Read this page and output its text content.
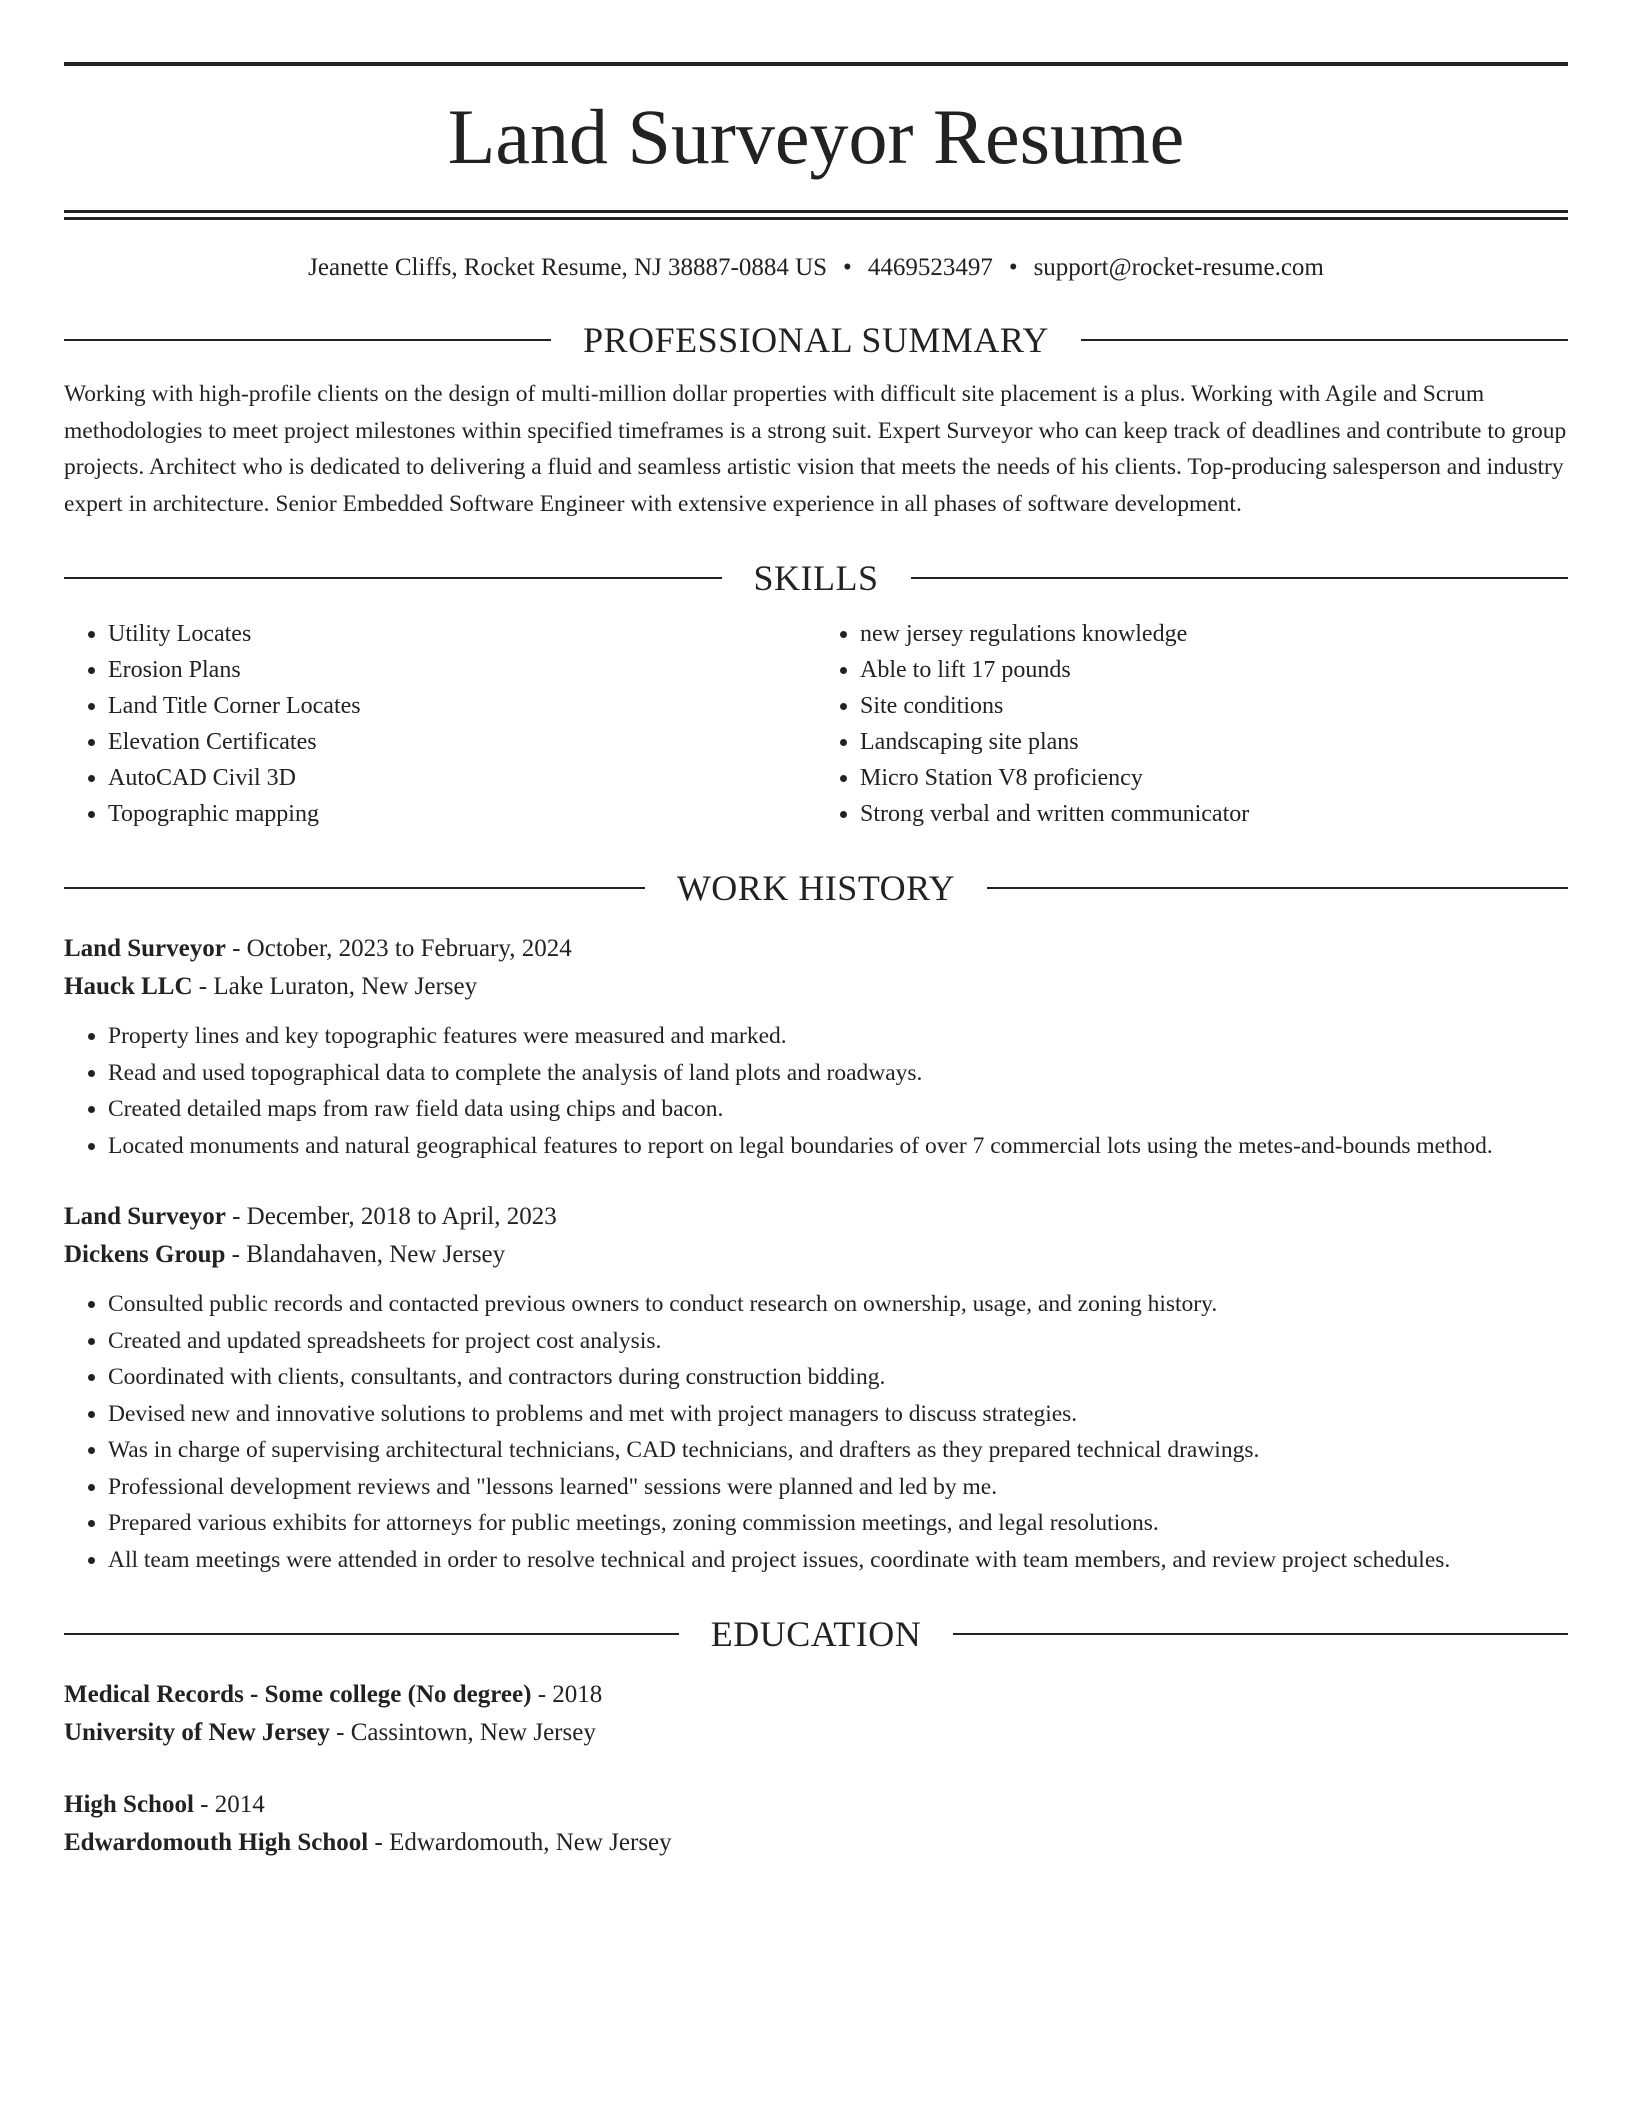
Land Surveyor Resume
Jeanette Cliffs, Rocket Resume, NJ 38887-0884 US • 4469523497 • support@rocket-resume.com
PROFESSIONAL SUMMARY
Working with high-profile clients on the design of multi-million dollar properties with difficult site placement is a plus. Working with Agile and Scrum methodologies to meet project milestones within specified timeframes is a strong suit. Expert Surveyor who can keep track of deadlines and contribute to group projects. Architect who is dedicated to delivering a fluid and seamless artistic vision that meets the needs of his clients. Top-producing salesperson and industry expert in architecture. Senior Embedded Software Engineer with extensive experience in all phases of software development.
SKILLS
• Utility Locates
• Erosion Plans
• Land Title Corner Locates
• Elevation Certificates
• AutoCAD Civil 3D
• Topographic mapping
• new jersey regulations knowledge
• Able to lift 17 pounds
• Site conditions
• Landscaping site plans
• Micro Station V8 proficiency
• Strong verbal and written communicator
WORK HISTORY
Land Surveyor - October, 2023 to February, 2024
Hauck LLC - Lake Luraton, New Jersey
• Property lines and key topographic features were measured and marked.
• Read and used topographical data to complete the analysis of land plots and roadways.
• Created detailed maps from raw field data using chips and bacon.
• Located monuments and natural geographical features to report on legal boundaries of over 7 commercial lots using the metes-and-bounds method.
Land Surveyor - December, 2018 to April, 2023
Dickens Group - Blandahaven, New Jersey
• Consulted public records and contacted previous owners to conduct research on ownership, usage, and zoning history.
• Created and updated spreadsheets for project cost analysis.
• Coordinated with clients, consultants, and contractors during construction bidding.
• Devised new and innovative solutions to problems and met with project managers to discuss strategies.
• Was in charge of supervising architectural technicians, CAD technicians, and drafters as they prepared technical drawings.
• Professional development reviews and "lessons learned" sessions were planned and led by me.
• Prepared various exhibits for attorneys for public meetings, zoning commission meetings, and legal resolutions.
• All team meetings were attended in order to resolve technical and project issues, coordinate with team members, and review project schedules.
EDUCATION
Medical Records - Some college (No degree) - 2018
University of New Jersey - Cassintown, New Jersey
High School - 2014
Edwardomouth High School - Edwardomouth, New Jersey
